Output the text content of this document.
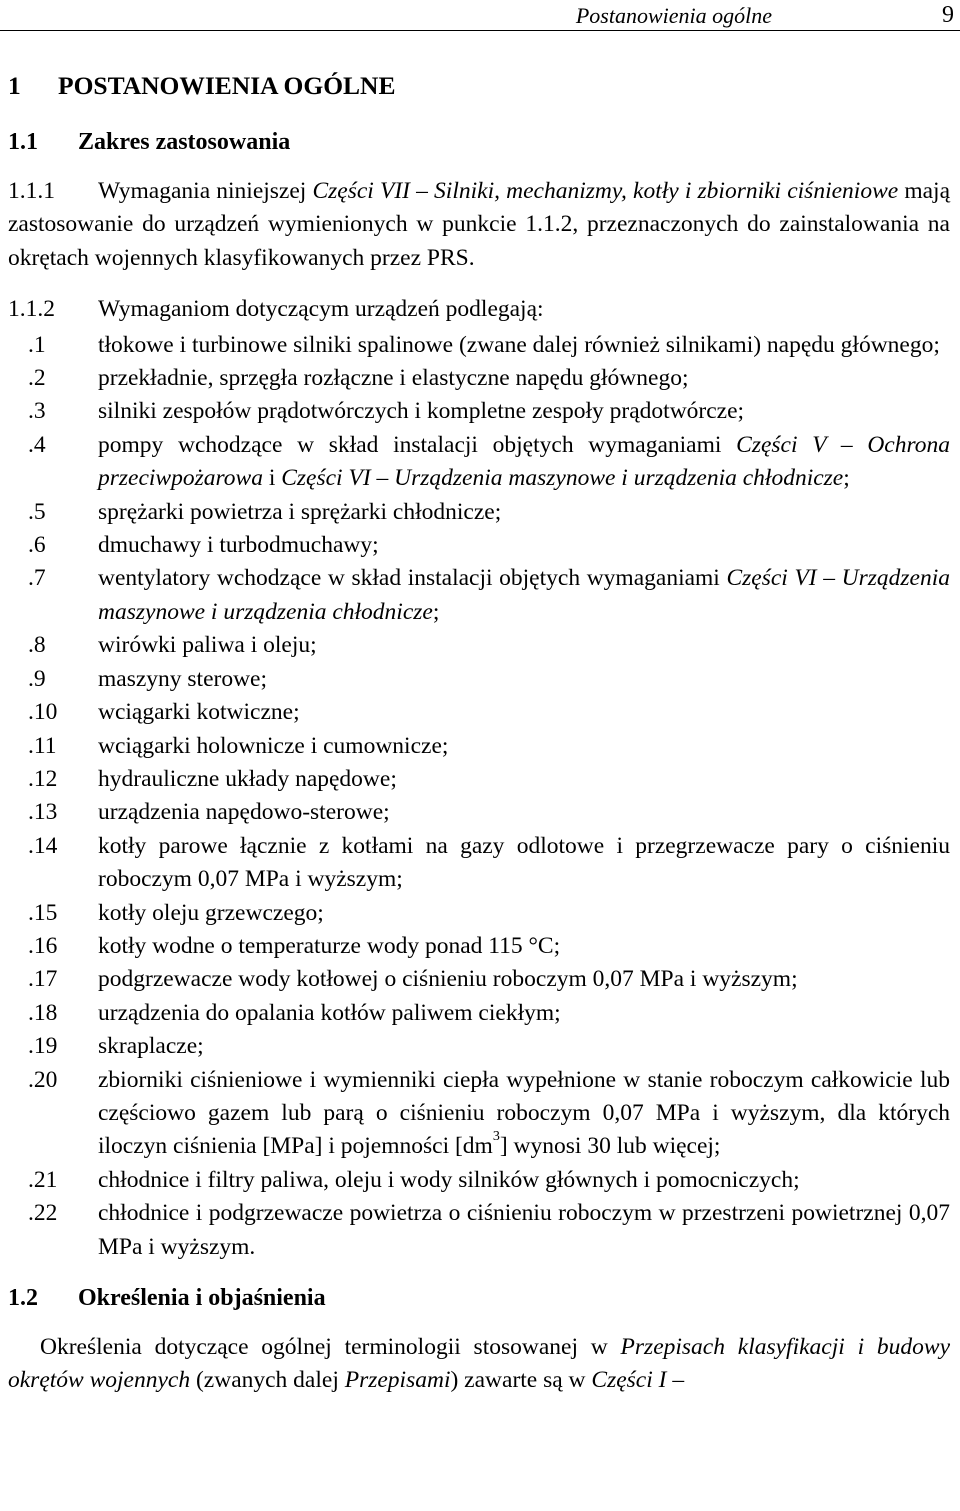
Postanowienia ogólne	9
1 POSTANOWIENIA OGÓLNE
1.1 Zakres zastosowania
1.1.1 Wymagania niniejszej Części VII – Silniki, mechanizmy, kotły i zbiorniki ciśnieniowe mają zastosowanie do urządzeń wymienionych w punkcie 1.1.2, przeznaczonych do zainstalowania na okrętach wojennych klasyfikowanych przez PRS.
1.1.2 Wymaganiom dotyczącym urządzeń podlegają:
.1	tłokowe i turbinowe silniki spalinowe (zwane dalej również silnikami) napędu głównego;
.2	przekładnie, sprzęgła rozłączne i elastyczne napędu głównego;
.3	silniki zespołów prądotwórczych i kompletne zespoły prądotwórcze;
.4	pompy wchodzące w skład instalacji objętych wymaganiami Części V – Ochrona przeciwpożarowa i Części VI – Urządzenia maszynowe i urządzenia chłodnicze;
.5	sprężarki powietrza i sprężarki chłodnicze;
.6	dmuchawy i turbodmuchawy;
.7	wentylatory wchodzące w skład instalacji objętych wymaganiami Części VI – Urządzenia maszynowe i urządzenia chłodnicze;
.8	wirówki paliwa i oleju;
.9	maszyny sterowe;
.10	wciągarki kotwiczne;
.11	wciągarki holownicze i cumownicze;
.12	hydrauliczne układy napędowe;
.13	urządzenia napędowo-sterowe;
.14	kotły parowe łącznie z kotłami na gazy odlotowe i przegrzewacze pary o ciśnieniu roboczym 0,07 MPa i wyższym;
.15	kotły oleju grzewczego;
.16	kotły wodne o temperaturze wody ponad 115 °C;
.17	podgrzewacze wody kotłowej o ciśnieniu roboczym 0,07 MPa i wyższym;
.18	urządzenia do opalania kotłów paliwem ciekłym;
.19	skraplacze;
.20	zbiorniki ciśnieniowe i wymienniki ciepła wypełnione w stanie roboczym całkowicie lub częściowo gazem lub parą o ciśnieniu roboczym 0,07 MPa i wyższym, dla których iloczyn ciśnienia [MPa] i pojemności $[dm^3]$ wynosi 30 lub więcej;
.21	chłodnice i filtry paliwa, oleju i wody silników głównych i pomocniczych;
.22	chłodnice i podgrzewacze powietrza o ciśnieniu roboczym w przestrzeni powietrznej 0,07 MPa i wyższym.
1.2 Określenia i objaśnienia
Określenia dotyczące ogólnej terminologii stosowanej w Przepisach klasyfikacji i budowy okrętów wojennych (zwanych dalej Przepisami) zawarte są w Części I –
